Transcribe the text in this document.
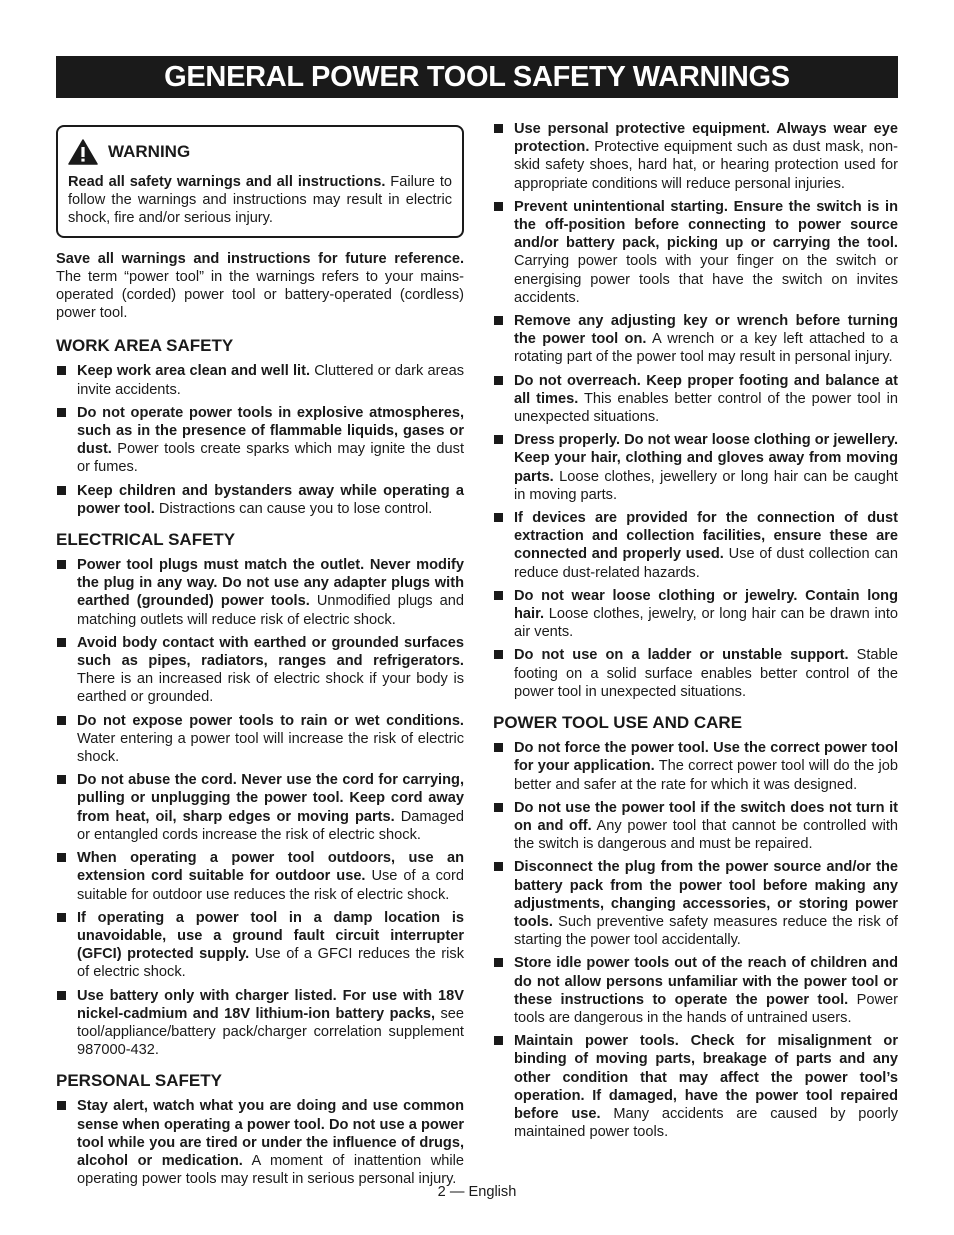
GENERAL POWER TOOL SAFETY WARNINGS
WARNING
Read all safety warnings and all instructions. Failure to follow the warnings and instructions may result in electric shock, fire and/or serious injury.

Save all warnings and instructions for future reference. The term “power tool” in the warnings refers to your mains-operated (corded) power tool or battery-operated (cordless) power tool.

WORK AREA SAFETY
Keep work area clean and well lit. Cluttered or dark areas invite accidents.
Do not operate power tools in explosive atmospheres, such as in the presence of flammable liquids, gases or dust. Power tools create sparks which may ignite the dust or fumes.
Keep children and bystanders away while operating a power tool. Distractions can cause you to lose control.
ELECTRICAL SAFETY
Power tool plugs must match the outlet. Never modify the plug in any way. Do not use any adapter plugs with earthed (grounded) power tools. Unmodified plugs and matching outlets will reduce risk of electric shock.
Avoid body contact with earthed or grounded surfaces such as pipes, radiators, ranges and refrigerators. There is an increased risk of electric shock if your body is earthed or grounded.
Do not expose power tools to rain or wet conditions. Water entering a power tool will increase the risk of electric shock.
Do not abuse the cord. Never use the cord for carrying, pulling or unplugging the power tool. Keep cord away from heat, oil, sharp edges or moving parts. Damaged or entangled cords increase the risk of electric shock.
When operating a power tool outdoors, use an extension cord suitable for outdoor use. Use of a cord suitable for outdoor use reduces the risk of electric shock.
If operating a power tool in a damp location is unavoidable, use a ground fault circuit interrupter (GFCI) protected supply. Use of a GFCI reduces the risk of electric shock.
Use battery only with charger listed. For use with 18V nickel-cadmium and 18V lithium-ion battery packs, see tool/appliance/battery pack/charger correlation supplement 987000-432.
PERSONAL SAFETY
Stay alert, watch what you are doing and use common sense when operating a power tool. Do not use a power tool while you are tired or under the influence of drugs, alcohol or medication. A moment of inattention while operating power tools may result in serious personal injury.
Use personal protective equipment. Always wear eye protection. Protective equipment such as dust mask, non-skid safety shoes, hard hat, or hearing protection used for appropriate conditions will reduce personal injuries.
Prevent unintentional starting. Ensure the switch is in the off-position before connecting to power source and/or battery pack, picking up or carrying the tool. Carrying power tools with your finger on the switch or energising power tools that have the switch on invites accidents.
Remove any adjusting key or wrench before turning the power tool on. A wrench or a key left attached to a rotating part of the power tool may result in personal injury.
Do not overreach. Keep proper footing and balance at all times. This enables better control of the power tool in unexpected situations.
Dress properly. Do not wear loose clothing or jewellery. Keep your hair, clothing and gloves away from moving parts. Loose clothes, jewellery or long hair can be caught in moving parts.
If devices are provided for the connection of dust extraction and collection facilities, ensure these are connected and properly used. Use of dust collection can reduce dust-related hazards.
Do not wear loose clothing or jewelry. Contain long hair. Loose clothes, jewelry, or long hair can be drawn into air vents.
Do not use on a ladder or unstable support. Stable footing on a solid surface enables better control of the power tool in unexpected situations.
POWER TOOL USE AND CARE
Do not force the power tool. Use the correct power tool for your application. The correct power tool will do the job better and safer at the rate for which it was designed.
Do not use the power tool if the switch does not turn it on and off. Any power tool that cannot be controlled with the switch is dangerous and must be repaired.
Disconnect the plug from the power source and/or the battery pack from the power tool before making any adjustments, changing accessories, or storing power tools. Such preventive safety measures reduce the risk of starting the power tool accidentally.
Store idle power tools out of the reach of children and do not allow persons unfamiliar with the power tool or these instructions to operate the power tool. Power tools are dangerous in the hands of untrained users.
Maintain power tools. Check for misalignment or binding of moving parts, breakage of parts and any other condition that may affect the power tool’s operation. If damaged, have the power tool repaired before use. Many accidents are caused by poorly maintained power tools.
2 — English
